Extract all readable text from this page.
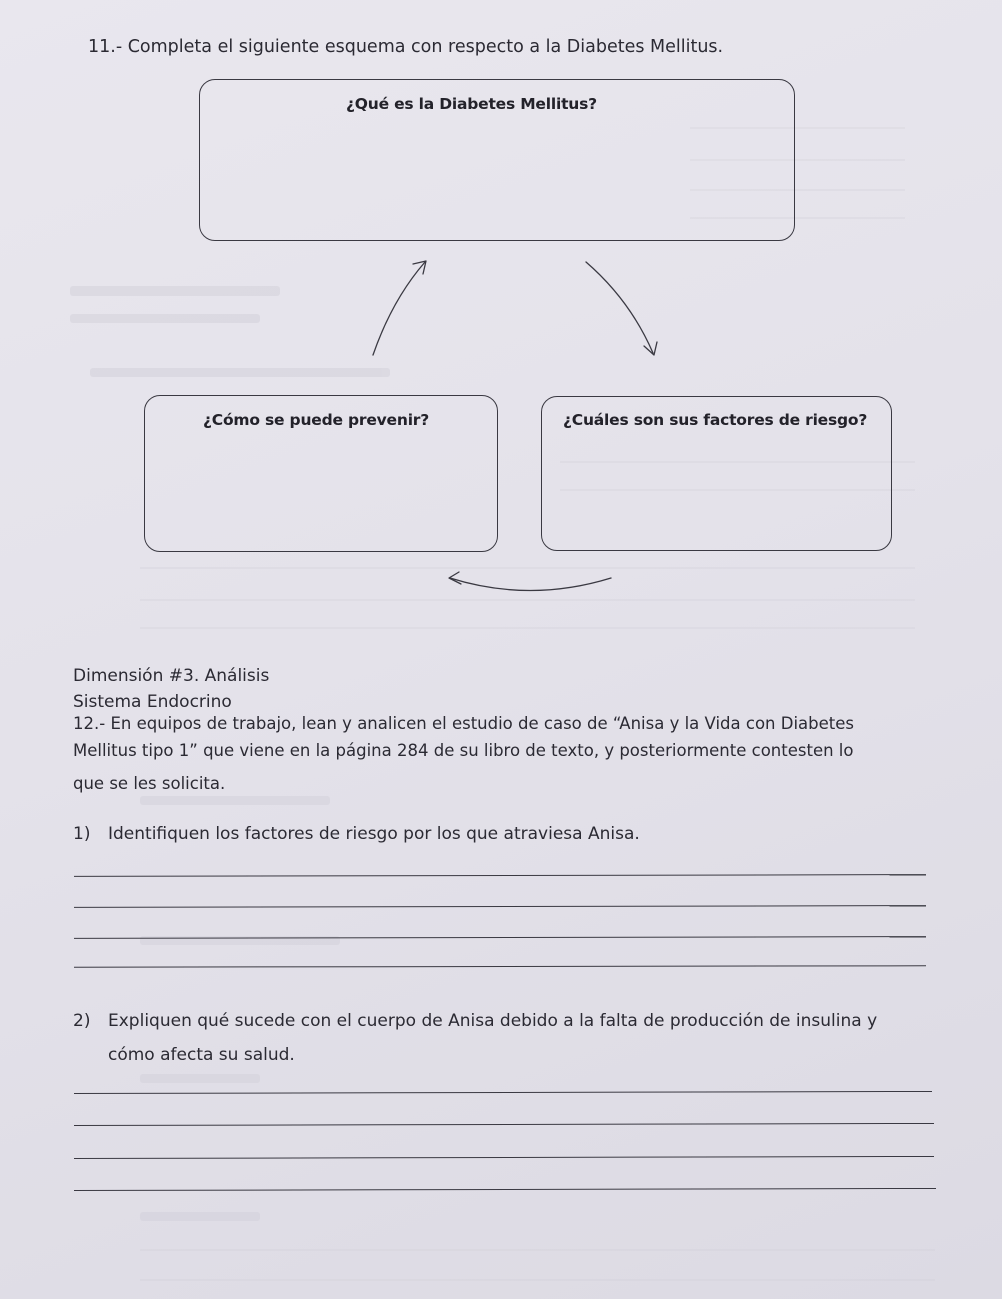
11.- Completa el siguiente esquema con respecto a la Diabetes Mellitus.

¿Qué es la Diabetes Mellitus?
¿Cómo se puede prevenir?	¿Cuáles son sus factores de riesgo?

Dimensión #3. Análisis

Sistema Endocrino

12.- En equipos de trabajo, lean y analicen el estudio de caso de “Anisa y la Vida con Diabetes

Mellitus tipo 1” que viene en la página 284 de su libro de texto, y posteriormente contesten lo

que se les solicita.

1) Identifiquen los factores de riesgo por los que atraviesa Anisa.

2) Expliquen qué sucede con el cuerpo de Anisa debido a la falta de producción de insulina y

cómo afecta su salud.
